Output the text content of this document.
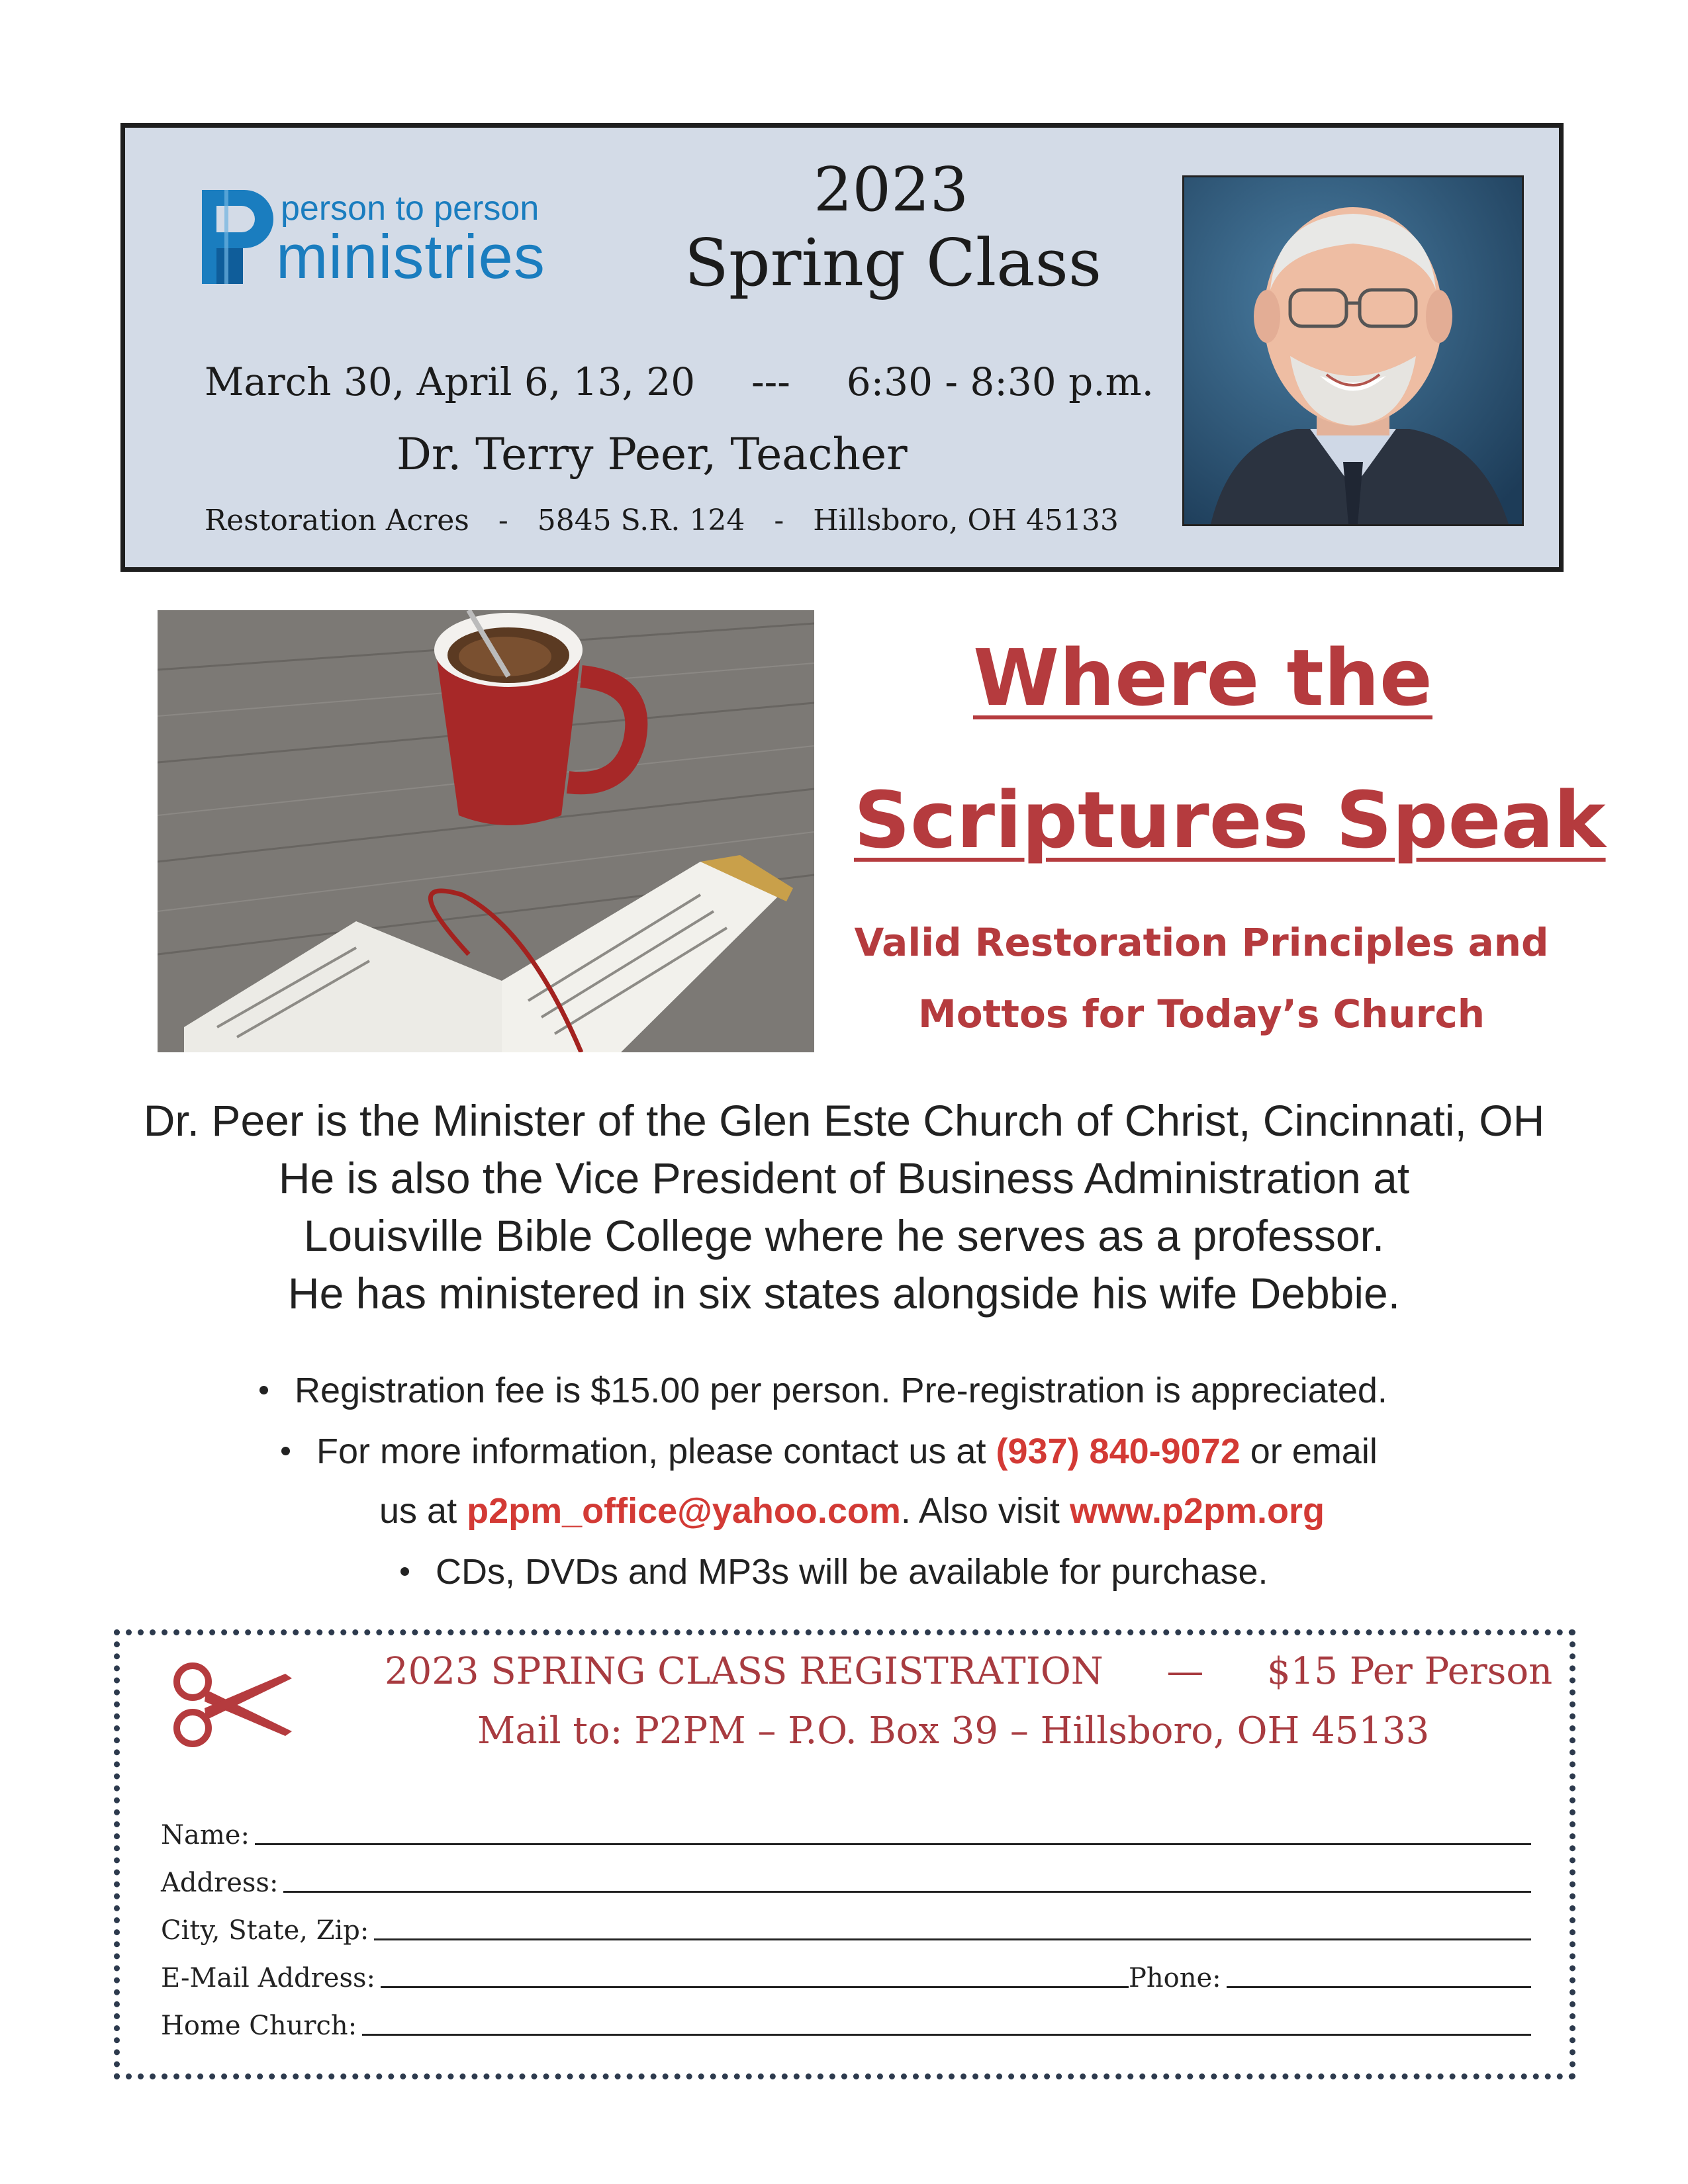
person to person
ministries
2023
Spring Class
March 30, April 6, 13, 20 --- 6:30 - 8:30 p.m.
Dr. Terry Peer, Teacher
Restoration Acres - 5845 S.R. 124 - Hillsboro, OH 45133
Where the
Scriptures Speak
Valid Restoration Principles and
Mottos for Today’s Church
Dr. Peer is the Minister of the Glen Este Church of Christ, Cincinnati, OH
He is also the Vice President of Business Administration at
Louisville Bible College where he serves as a professor.
He has ministered in six states alongside his wife Debbie.
Registration fee is $15.00 per person. Pre-registration is appreciated.
For more information, please contact us at (937) 840-9072 or email
us at p2pm_office@yahoo.com. Also visit www.p2pm.org
CDs, DVDs and MP3s will be available for purchase.
2023 SPRING CLASS REGISTRATION — $15 Per Person
Mail to: P2PM – P.O. Box 39 – Hillsboro, OH 45133
Name:
Address:
City, State, Zip:
E-Mail Address:	Phone:
Home Church:
